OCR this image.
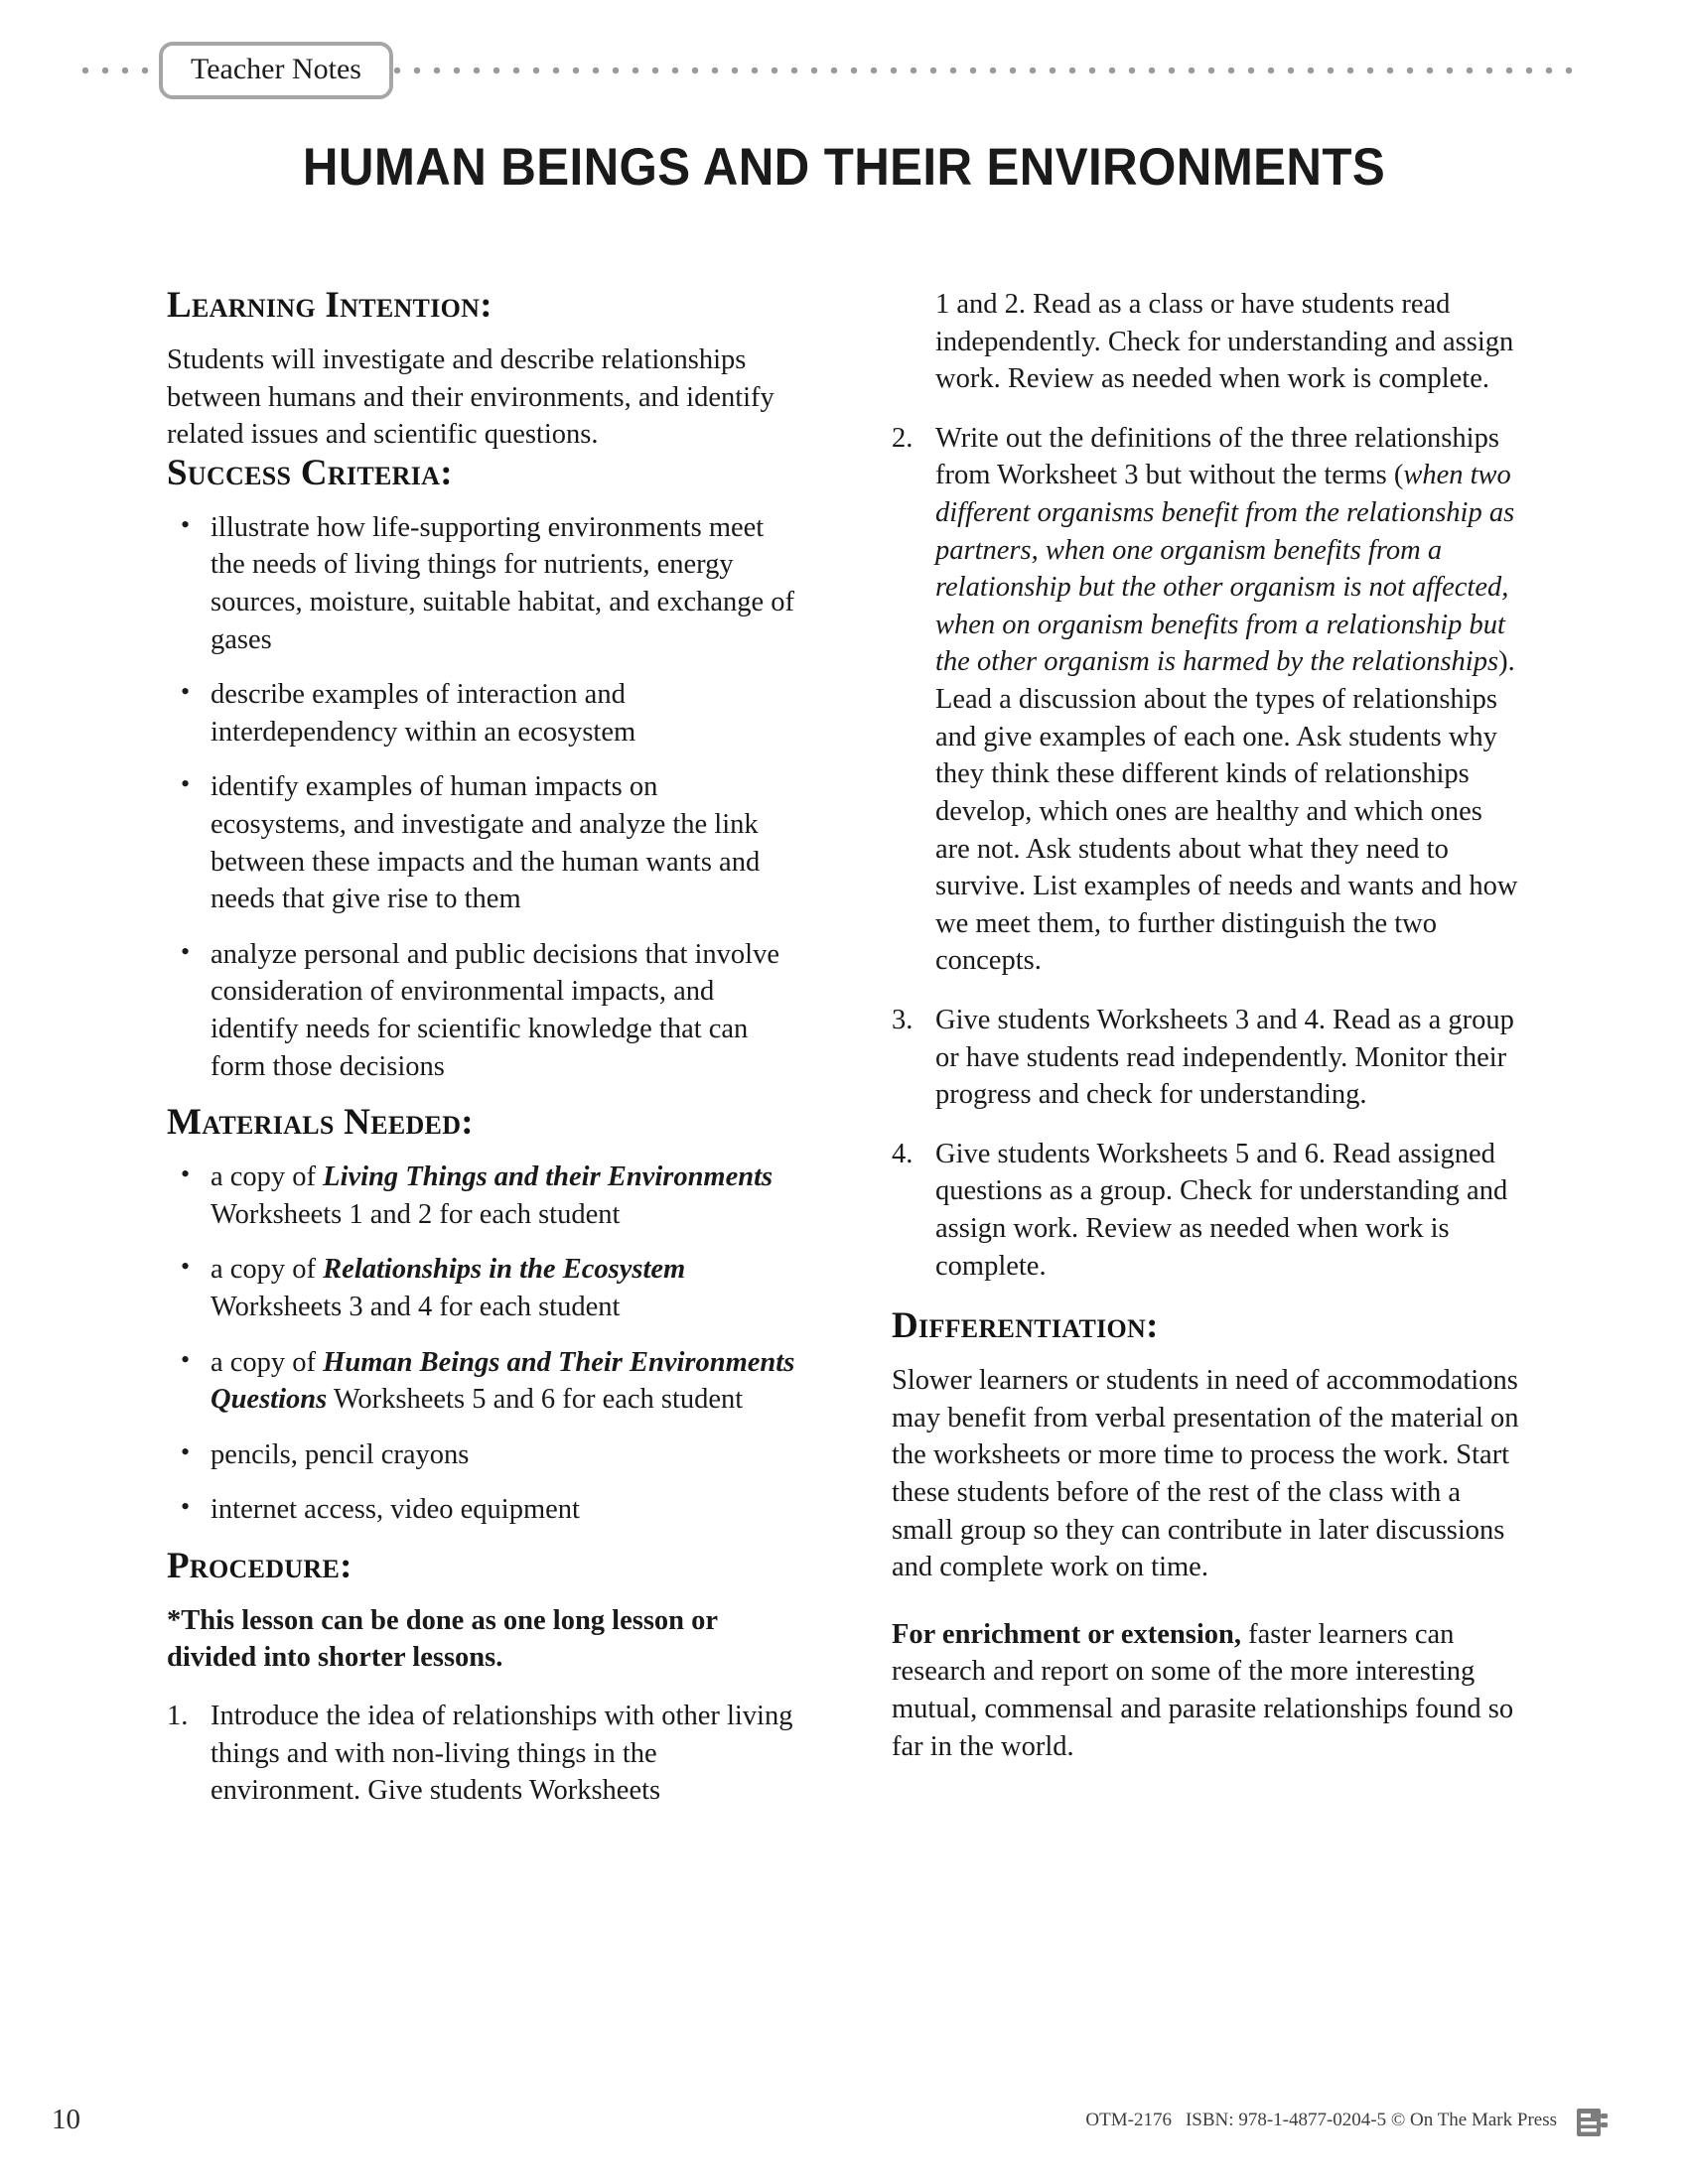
Teacher Notes
HUMAN BEINGS AND THEIR ENVIRONMENTS
Learning Intention:

Students will investigate and describe relationships between humans and their environments, and identify related issues and scientific questions.

Success Criteria:
• illustrate how life-supporting environments meet the needs of living things for nutrients, energy sources, moisture, suitable habitat, and exchange of gases
• describe examples of interaction and interdependency within an ecosystem
• identify examples of human impacts on ecosystems, and investigate and analyze the link between these impacts and the human wants and needs that give rise to them
• analyze personal and public decisions that involve consideration of environmental impacts, and identify needs for scientific knowledge that can form those decisions
Materials Needed:
• a copy of Living Things and their Environments Worksheets 1 and 2 for each student
• a copy of Relationships in the Ecosystem Worksheets 3 and 4 for each student
• a copy of Human Beings and Their Environments Questions Worksheets 5 and 6 for each student
• pencils, pencil crayons
• internet access, video equipment
Procedure:

*This lesson can be done as one long lesson or divided into shorter lessons.

1. Introduce the idea of relationships with other living things and with non-living things in the environment. Give students Worksheets
1 and 2. Read as a class or have students read independently. Check for understanding and assign work. Review as needed when work is complete.
2. Write out the definitions of the three relationships from Worksheet 3 but without the terms (when two different organisms benefit from the relationship as partners, when one organism benefits from a relationship but the other organism is not affected, when on organism benefits from a relationship but the other organism is harmed by the relationships). Lead a discussion about the types of relationships and give examples of each one. Ask students why they think these different kinds of relationships develop, which ones are healthy and which ones are not. Ask students about what they need to survive. List examples of needs and wants and how we meet them, to further distinguish the two concepts.
3. Give students Worksheets 3 and 4. Read as a group or have students read independently. Monitor their progress and check for understanding.
4. Give students Worksheets 5 and 6. Read assigned questions as a group. Check for understanding and assign work. Review as needed when work is complete.
Differentiation:

Slower learners or students in need of accommodations may benefit from verbal presentation of the material on the worksheets or more time to process the work. Start these students before of the rest of the class with a small group so they can contribute in later discussions and complete work on time.

For enrichment or extension, faster learners can research and report on some of the more interesting mutual, commensal and parasite relationships found so far in the world.

10	OTM-2176 ISBN: 978-1-4877-0204-5 © On The Mark Press
